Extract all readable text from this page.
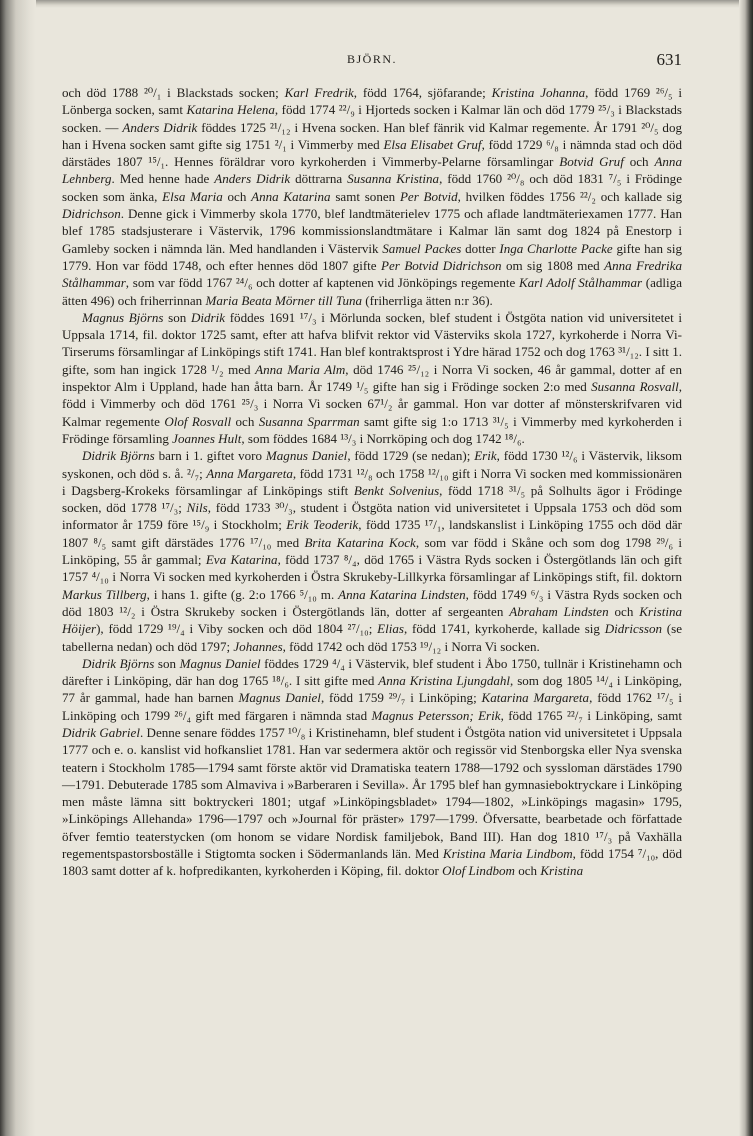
BJÖRN.	631

och död 1788 ²⁰/₁ i Blackstads socken; Karl Fredrik, född 1764, sjöfarande; Kristina Johanna, född 1769 ²⁶/₅ i Lönberga socken, samt Katarina Helena, född 1774 ²²/₉ i Hjorteds socken i Kalmar län och död 1779 ²⁵/₃ i Blackstads socken. — Anders Didrik föddes 1725 ²¹/₁₂ i Hvena socken. Han blef fänrik vid Kalmar regemente. År 1791 ²⁰/₅ dog han i Hvena socken samt gifte sig 1751 ²/₁ i Vimmerby med Elsa Elisabet Gruf, född 1729 ⁶/₈ i nämnda stad och död därstädes 1807 ¹⁵/₁. Hennes föräldrar voro kyrkoherden i Vimmerby-Pelarne församlingar Botvid Gruf och Anna Lehnberg. Med henne hade Anders Didrik döttrarna Susanna Kristina, född 1760 ²⁰/₈ och död 1831 ⁷/₅ i Frödinge socken som änka, Elsa Maria och Anna Katarina samt sonen Per Botvid, hvilken föddes 1756 ²²/₂ och kallade sig Didrichson. Denne gick i Vimmerby skola 1770, blef landtmäterielev 1775 och aflade landtmäteriexamen 1777. Han blef 1785 stadsjusterare i Västervik, 1796 kommissionslandtmätare i Kalmar län samt dog 1824 på Enestorp i Gamleby socken i nämnda län. Med handlanden i Västervik Samuel Packes dotter Inga Charlotte Packe gifte han sig 1779. Hon var född 1748, och efter hennes död 1807 gifte Per Botvid Didrichson om sig 1808 med Anna Fredrika Stålhammar, som var född 1767 ²⁴/₆ och dotter af kaptenen vid Jönköpings regemente Karl Adolf Stålhammar (adliga ätten 496) och friherrinnan Maria Beata Mörner till Tuna (friherrliga ätten n:r 36).

Magnus Björns son Didrik föddes 1691 ¹⁷/₃ i Mörlunda socken, blef student i Östgöta nation vid universitetet i Uppsala 1714, fil. doktor 1725 samt, efter att hafva blifvit rektor vid Västerviks skola 1727, kyrkoherde i Norra Vi-Tirserums församlingar af Linköpings stift 1741. Han blef kontraktsprost i Ydre härad 1752 och dog 1763 ³¹/₁₂. I sitt 1. gifte, som han ingick 1728 ¹/₂ med Anna Maria Alm, död 1746 ²⁵/₁₂ i Norra Vi socken, 46 år gammal, dotter af en inspektor Alm i Uppland, hade han åtta barn. År 1749 ¹/₅ gifte han sig i Frödinge socken 2:o med Susanna Rosvall, född i Vimmerby och död 1761 ²⁵/₃ i Norra Vi socken 67¹/₂ år gammal. Hon var dotter af mönsterskrifvaren vid Kalmar regemente Olof Rosvall och Susanna Sparrman samt gifte sig 1:o 1713 ³¹/₅ i Vimmerby med kyrkoherden i Frödinge församling Joannes Hult, som föddes 1684 ¹³/₃ i Norrköping och dog 1742 ¹⁸/₆.

Didrik Björns barn i 1. giftet voro Magnus Daniel, född 1729 (se nedan); Erik, född 1730 ¹²/₆ i Västervik, liksom syskonen, och död s. å. ²/₇; Anna Margareta, född 1731 ¹²/₈ och 1758 ¹²/₁₀ gift i Norra Vi socken med kommissionären i Dagsberg-Krokeks församlingar af Linköpings stift Benkt Solvenius, född 1718 ³¹/₅ på Solhults ägor i Frödinge socken, död 1778 ¹⁷/₃; Nils, född 1733 ³⁰/₃, student i Östgöta nation vid universitetet i Uppsala 1753 och död som informator år 1759 före ¹⁵/₉ i Stockholm; Erik Teoderik, född 1735 ¹⁷/₁, landskanslist i Linköping 1755 och död där 1807 ⁸/₅ samt gift därstädes 1776 ¹⁷/₁₀ med Brita Katarina Kock, som var född i Skåne och som dog 1798 ²⁹/₆ i Linköping, 55 år gammal; Eva Katarina, född 1737 ⁸/₄, död 1765 i Västra Ryds socken i Östergötlands län och gift 1757 ⁴/₁₀ i Norra Vi socken med kyrkoherden i Östra Skrukeby-Lillkyrka församlingar af Linköpings stift, fil. doktorn Markus Tillberg, i hans 1. gifte (g. 2:o 1766 ⁵/₁₀ m. Anna Katarina Lindsten, född 1749 ⁶/₃ i Västra Ryds socken och död 1803 ¹²/₂ i Östra Skrukeby socken i Östergötlands län, dotter af sergeanten Abraham Lindsten och Kristina Höijer), född 1729 ¹⁹/₄ i Viby socken och död 1804 ²⁷/₁₀; Elias, född 1741, kyrkoherde, kallade sig Didricsson (se tabellerna nedan) och död 1797; Johannes, född 1742 och död 1753 ¹⁹/₁₂ i Norra Vi socken.

Didrik Björns son Magnus Daniel föddes 1729 ⁴/₄ i Västervik, blef student i Åbo 1750, tullnär i Kristinehamn och därefter i Linköping, där han dog 1765 ¹⁸/₆. I sitt gifte med Anna Kristina Ljungdahl, som dog 1805 ¹⁴/₄ i Linköping, 77 år gammal, hade han barnen Magnus Daniel, född 1759 ²⁹/₇ i Linköping; Katarina Margareta, född 1762 ¹⁷/₅ i Linköping och 1799 ²⁶/₄ gift med färgaren i nämnda stad Magnus Petersson; Erik, född 1765 ²²/₇ i Linköping, samt Didrik Gabriel. Denne senare föddes 1757 ¹⁰/₈ i Kristinehamn, blef student i Östgöta nation vid universitetet i Uppsala 1777 och e. o. kanslist vid hofkansliet 1781. Han var sedermera aktör och regissör vid Stenborgska eller Nya svenska teatern i Stockholm 1785—1794 samt förste aktör vid Dramatiska teatern 1788—1792 och syssloman därstädes 1790—1791. Debuterade 1785 som Almaviva i »Barberaren i Sevilla». År 1795 blef han gymnasieboktryckare i Linköping men måste lämna sitt boktryckeri 1801; utgaf »Linköpingsbladet» 1794—1802, »Linköpings magasin» 1795, »Linköpings Allehanda» 1796—1797 och »Journal för präster» 1797—1799. Öfversatte, bearbetade och författade öfver femtio teaterstycken (om honom se vidare Nordisk familjebok, Band III). Han dog 1810 ¹⁷/₃ på Vaxhälla regementspastorsboställe i Stigtomta socken i Södermanlands län. Med Kristina Maria Lindbom, född 1754 ⁷/₁₀, död 1803 samt dotter af k. hofpredikanten, kyrkoherden i Köping, fil. doktor Olof Lindbom och Kristina
